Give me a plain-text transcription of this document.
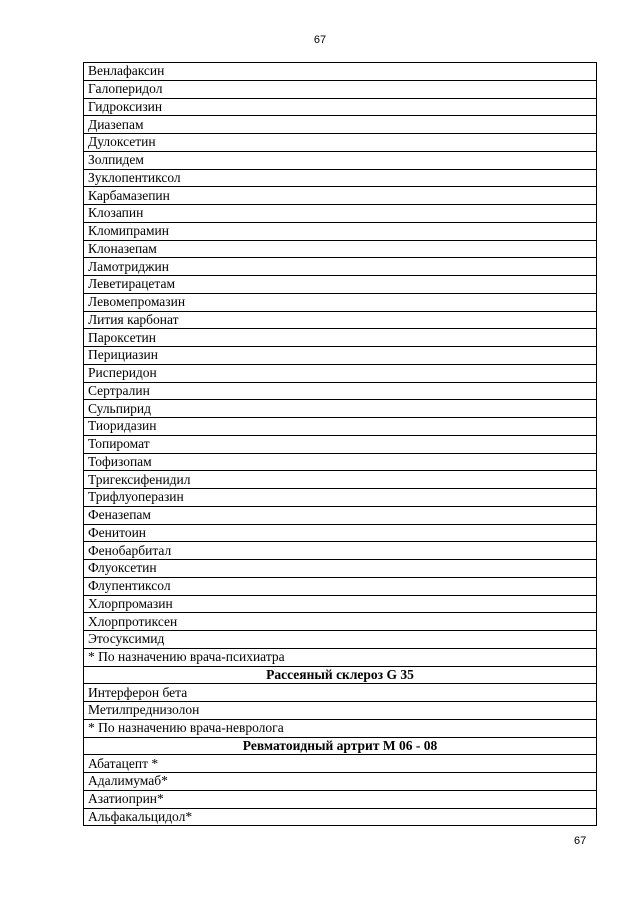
67
Венлафаксин
Галоперидол
Гидроксизин
Диазепам
Дулоксетин
Золпидем
Зуклопентиксол
Карбамазепин
Клозапин
Кломипрамин
Клоназепам
Ламотриджин
Леветирацетам
Левомепромазин
Лития карбонат
Пароксетин
Перициазин
Рисперидон
Сертралин
Сульпирид
Тиоридазин
Топиромат
Тофизопам
Тригексифенидил
Трифлуоперазин
Феназепам
Фенитоин
Фенобарбитал
Флуоксетин
Флупентиксол
Хлорпромазин
Хлорпротиксен
Этосуксимид
* По назначению врача-психиатра
Рассеяный склероз G 35
Интерферон бета
Метилпреднизолон
* По назначению врача-невролога
Ревматоидный артрит М 06 - 08
Абатацепт *
Адалимумаб*
Азатиоприн*
Альфакальцидол*
67
